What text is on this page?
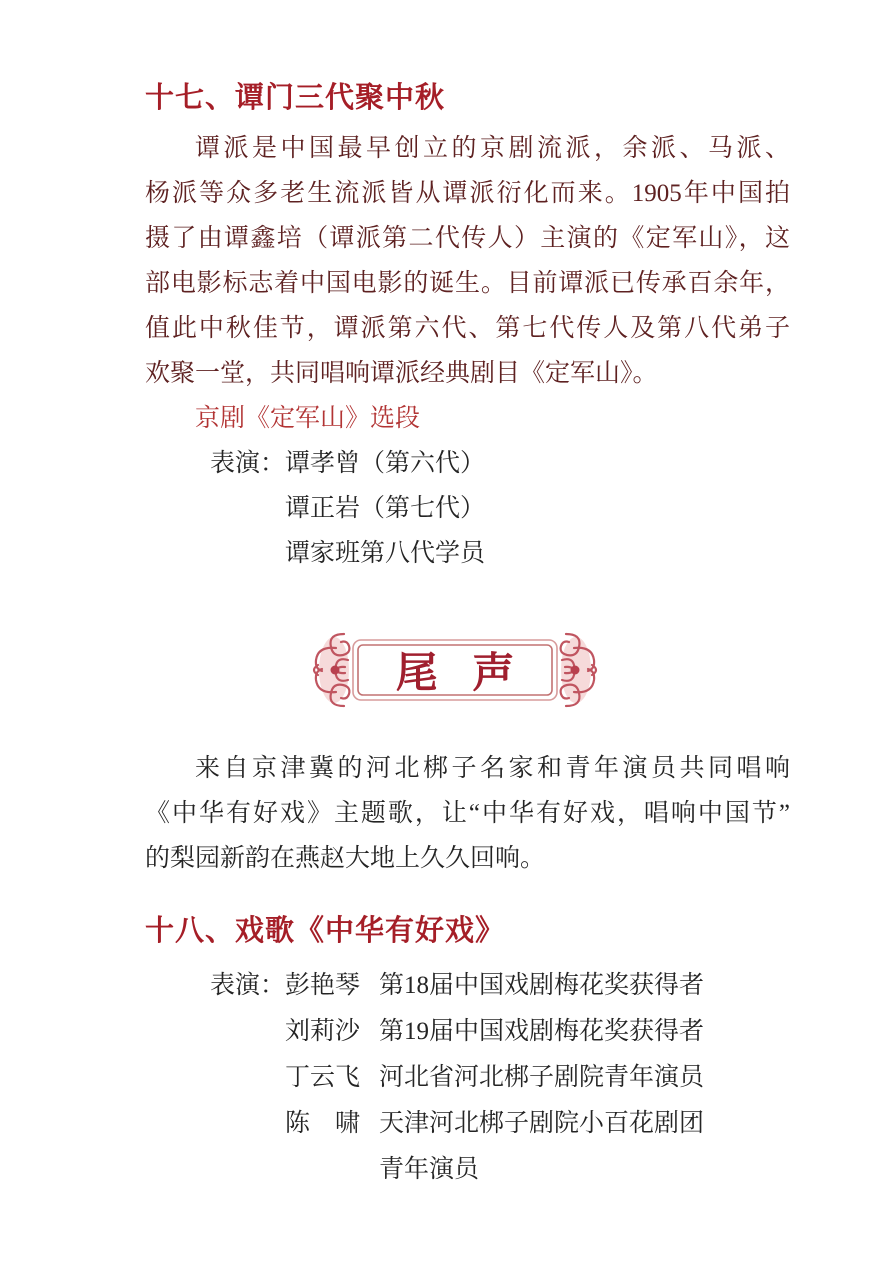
十七、谭门三代聚中秋
谭派是中国最早创立的京剧流派，余派、马派、
杨派等众多老生流派皆从谭派衍化而来。1905年中国拍
摄了由谭鑫培（谭派第二代传人）主演的《定军山》，这
部电影标志着中国电影的诞生。目前谭派已传承百余年，
值此中秋佳节，谭派第六代、第七代传人及第八代弟子
欢聚一堂，共同唱响谭派经典剧目《定军山》。
京剧《定军山》选段
表演： 谭孝曾（第六代）
谭正岩（第七代）
谭家班第八代学员
尾 声
来自京津冀的河北梆子名家和青年演员共同唱响
《中华有好戏》主题歌，让“中华有好戏，唱响中国节”
的梨园新韵在燕赵大地上久久回响。
十八、戏歌《中华有好戏》
表演： 彭艳琴 第18届中国戏剧梅花奖获得者
刘莉沙 第19届中国戏剧梅花奖获得者
丁云飞 河北省河北梆子剧院青年演员
陈　啸 天津河北梆子剧院小百花剧团
青年演员
